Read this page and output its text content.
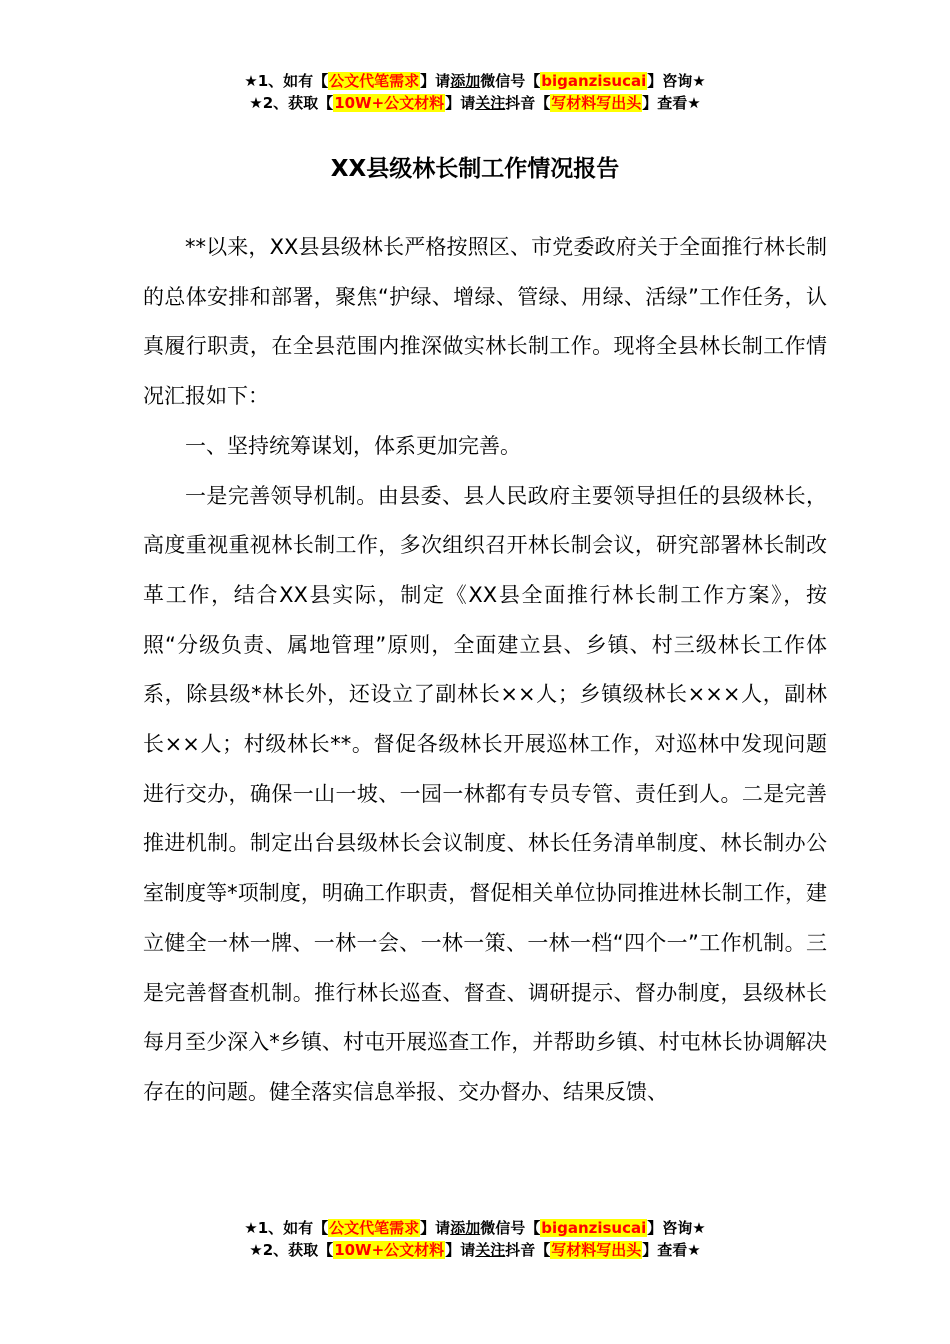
★1、如有【公文代笔需求】请添加微信号【biganzisucai】咨询★
★2、获取【10W+公文材料】请关注抖音【写材料写出头】查看★
XX县级林长制工作情况报告

**以来，XX县县级林长严格按照区、市党委政府关于全面推行林长制的总体安排和部署，聚焦“护绿、增绿、管绿、用绿、活绿”工作任务，认真履行职责，在全县范围内推深做实林长制工作。现将全县林长制工作情况汇报如下：

一、坚持统筹谋划，体系更加完善。

一是完善领导机制。由县委、县人民政府主要领导担任的县级林长，高度重视重视林长制工作，多次组织召开林长制会议，研究部署林长制改革工作，结合XX县实际，制定《XX县全面推行林长制工作方案》，按照“分级负责、属地管理”原则，全面建立县、乡镇、村三级林长工作体系，除县级*林长外，还设立了副林长××人；乡镇级林长×××人，副林长××人；村级林长**。督促各级林长开展巡林工作，对巡林中发现问题进行交办，确保一山一坡、一园一林都有专员专管、责任到人。二是完善推进机制。制定出台县级林长会议制度、林长任务清单制度、林长制办公室制度等*项制度，明确工作职责，督促相关单位协同推进林长制工作，建立健全一林一牌、一林一会、一林一策、一林一档“四个一”工作机制。三是完善督查机制。推行林长巡查、督查、调研提示、督办制度，县级林长每月至少深入*乡镇、村屯开展巡查工作，并帮助乡镇、村屯林长协调解决存在的问题。健全落实信息举报、交办督办、结果反馈、

★1、如有【公文代笔需求】请添加微信号【biganzisucai】咨询★
★2、获取【10W+公文材料】请关注抖音【写材料写出头】查看★
